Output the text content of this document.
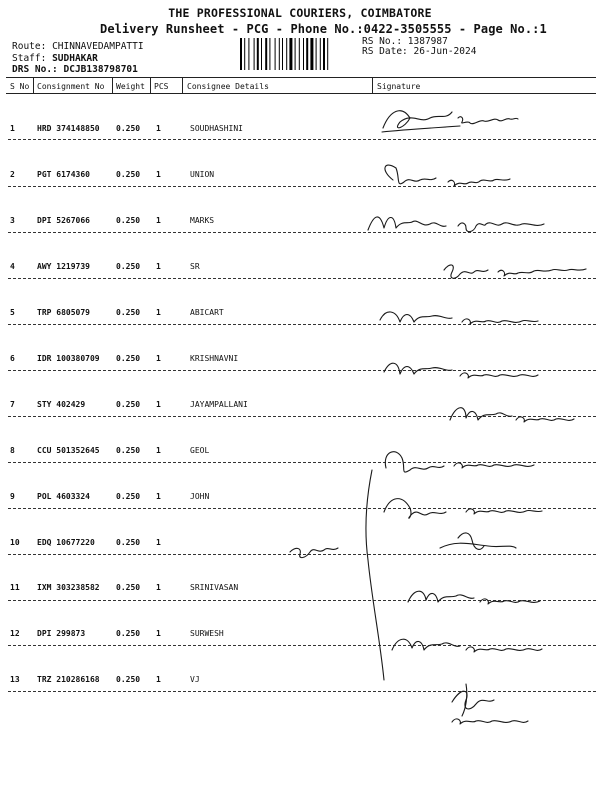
THE PROFESSIONAL COURIERS, COIMBATORE
Delivery Runsheet - PCG - Phone No.:0422-3505555 - Page No.:1
Route: CHINNAVEDAMPATTI
Staff: SUDHAKAR
DRS No.: DCJB138798701
RS No.: 1387987
RS Date: 26-Jun-2024
S No Consignment No Weight PCS Consignee Details	Signature
1	HRD 374148850 0.250 1	SOUDHASHINI
2	PGT 6174360	0.250 1	UNION
3	DPI 5267066	0.250 1	MARKS
4	AWY 1219739	0.250 1	SR
5	TRP 6805079	0.250 1	ABICART
6	IDR 100380709 0.250 1	KRISHNAVNI
7	STY 402429	0.250 1	JAYAMPALLANI
8	CCU 501352645 0.250 1	GEOL
9	POL 4603324	0.250 1	JOHN
10 EDQ 10677220	0.250 1
11 IXM 303238582 0.250 1	SRINIVASAN
12 DPI 299873	0.250 1	SURWESH
13 TRZ 210286168 0.250 1	VJ
